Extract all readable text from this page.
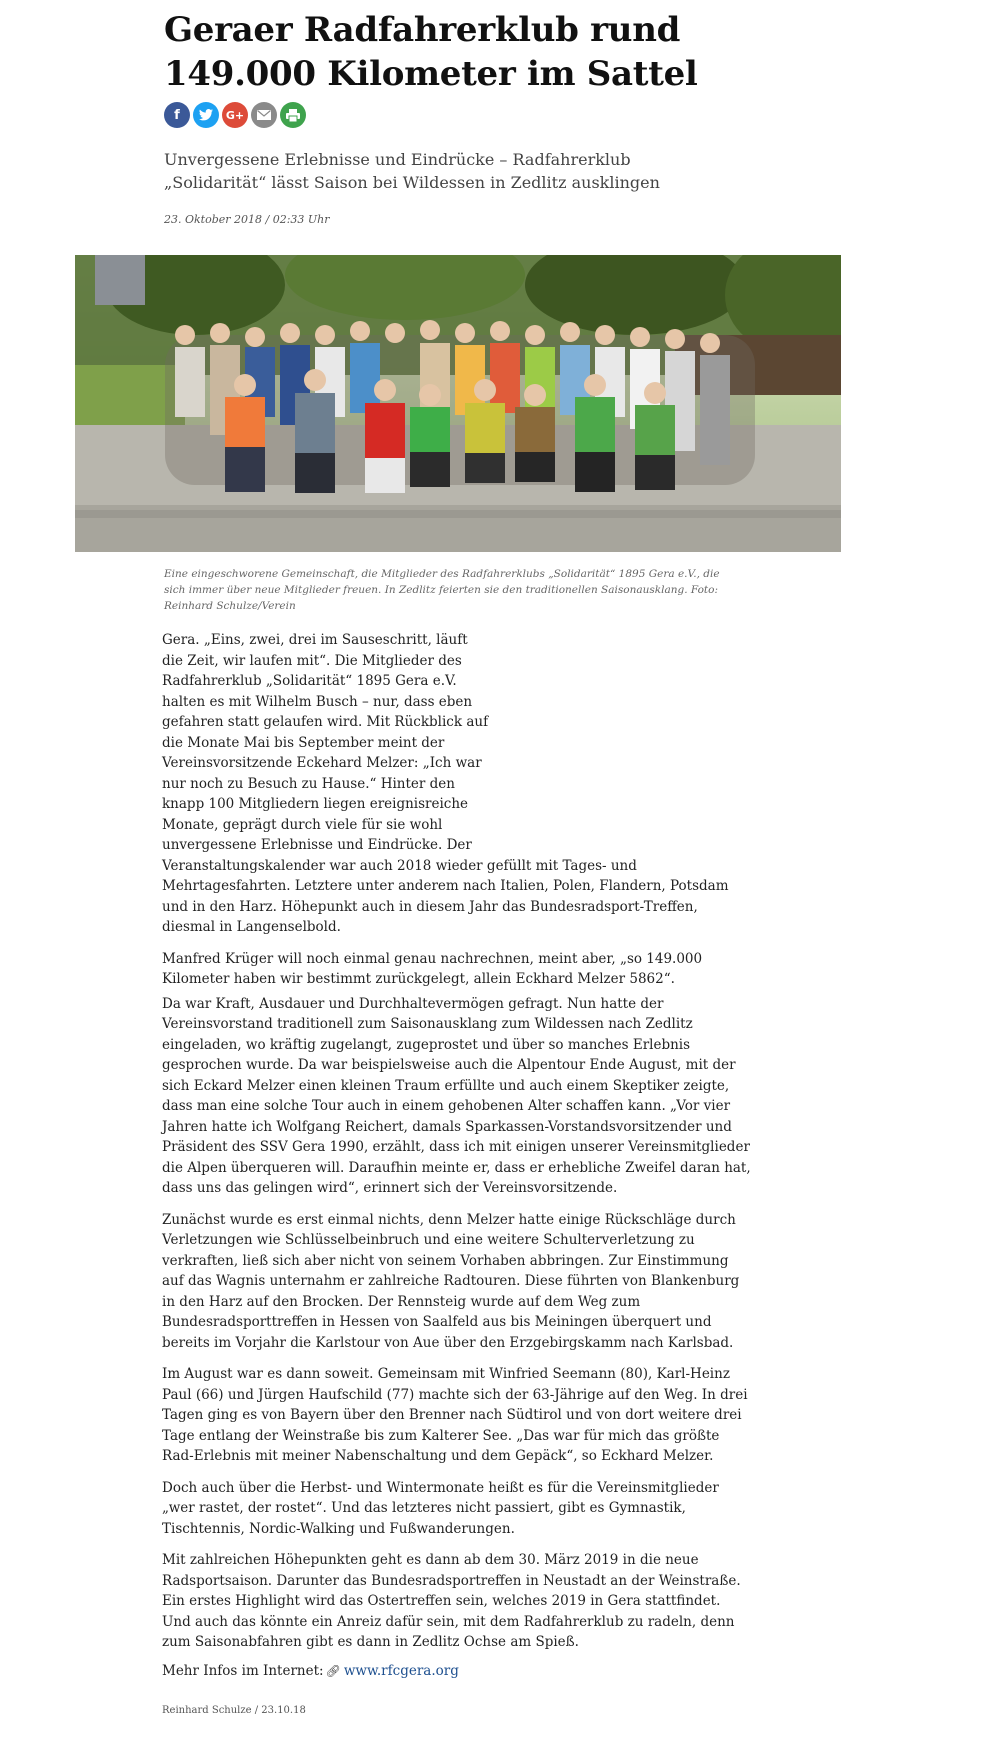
Geraer Radfahrerklub rund 149.000 Kilometer im Sattel
f	G+

Unvergessene Erlebnisse und Eindrücke – Radfahrerklub „Solidarität“ lässt Saison bei Wildessen in Zedlitz ausklingen

23. Oktober 2018 / 02:33 Uhr

Eine eingeschworene Gemeinschaft, die Mitglieder des Radfahrerklubs „Solidarität“ 1895 Gera e.V., die sich immer über neue Mitglieder freuen. In Zedlitz feierten sie den traditionellen Saisonausklang. Foto: Reinhard Schulze/Verein

Gera. „Eins, zwei, drei im Sauseschritt, läuft die Zeit, wir laufen mit“. Die Mitglieder des Radfahrerklub „Solidarität“ 1895 Gera e.V. halten es mit Wilhelm Busch – nur, dass eben gefahren statt gelaufen wird. Mit Rückblick auf die Monate Mai bis September meint der Vereinsvorsitzende Eckehard Melzer: „Ich war nur noch zu Besuch zu Hause.“ Hinter den knapp 100 Mitgliedern liegen ereignisreiche Monate, geprägt durch viele für sie wohl unvergessene Erlebnisse und Eindrücke. Der
Veranstaltungskalender war auch 2018 wieder gefüllt mit Tages- und Mehrtagesfahrten. Letztere unter anderem nach Italien, Polen, Flandern, Potsdam und in den Harz. Höhepunkt auch in diesem Jahr das Bundesradsport-Treffen, diesmal in Langenselbold.

Manfred Krüger will noch einmal genau nachrechnen, meint aber, „so 149.000 Kilometer haben wir bestimmt zurückgelegt, allein Eckhard Melzer 5862“.

Da war Kraft, Ausdauer und Durchhaltevermögen gefragt. Nun hatte der Vereinsvorstand traditionell zum Saisonausklang zum Wildessen nach Zedlitz eingeladen, wo kräftig zugelangt, zugeprostet und über so manches Erlebnis gesprochen wurde. Da war beispielsweise auch die Alpentour Ende August, mit der sich Eckard Melzer einen kleinen Traum erfüllte und auch einem Skeptiker zeigte, dass man eine solche Tour auch in einem gehobenen Alter schaffen kann. „Vor vier Jahren hatte ich Wolfgang Reichert, damals Sparkassen-Vorstandsvorsitzender und Präsident des SSV Gera 1990, erzählt, dass ich mit einigen unserer Vereinsmitglieder die Alpen überqueren will. Daraufhin meinte er, dass er erhebliche Zweifel daran hat, dass uns das gelingen wird“, erinnert sich der Vereinsvorsitzende.

Zunächst wurde es erst einmal nichts, denn Melzer hatte einige Rückschläge durch Verletzungen wie Schlüsselbeinbruch und eine weitere Schulterverletzung zu verkraften, ließ sich aber nicht von seinem Vorhaben abbringen. Zur Einstimmung auf das Wagnis unternahm er zahlreiche Radtouren. Diese führten von Blankenburg in den Harz auf den Brocken. Der Rennsteig wurde auf dem Weg zum Bundesradsporttreffen in Hessen von Saalfeld aus bis Meiningen überquert und bereits im Vorjahr die Karlstour von Aue über den Erzgebirgskamm nach Karlsbad.

Im August war es dann soweit. Gemeinsam mit Winfried Seemann (80), Karl-Heinz Paul (66) und Jürgen Haufschild (77) machte sich der 63-Jährige auf den Weg. In drei Tagen ging es von Bayern über den Brenner nach Südtirol und von dort weitere drei Tage entlang der Weinstraße bis zum Kalterer See. „Das war für mich das größte Rad-Erlebnis mit meiner Nabenschaltung und dem Gepäck“, so Eckhard Melzer.

Doch auch über die Herbst- und Wintermonate heißt es für die Vereinsmitglieder „wer rastet, der rostet“. Und das letzteres nicht passiert, gibt es Gymnastik, Tischtennis, Nordic-Walking und Fußwanderungen.

Mit zahlreichen Höhepunkten geht es dann ab dem 30. März 2019 in die neue Radsportsaison. Darunter das Bundesradsportreffen in Neustadt an der Weinstraße. Ein erstes Highlight wird das Ostertreffen sein, welches 2019 in Gera stattfindet. Und auch das könnte ein Anreiz dafür sein, mit dem Radfahrerklub zu radeln, denn zum Saisonabfahren gibt es dann in Zedlitz Ochse am Spieß.

Mehr Infos im Internet: 🔗︎ www.rfcgera.org
Reinhard Schulze / 23.10.18
